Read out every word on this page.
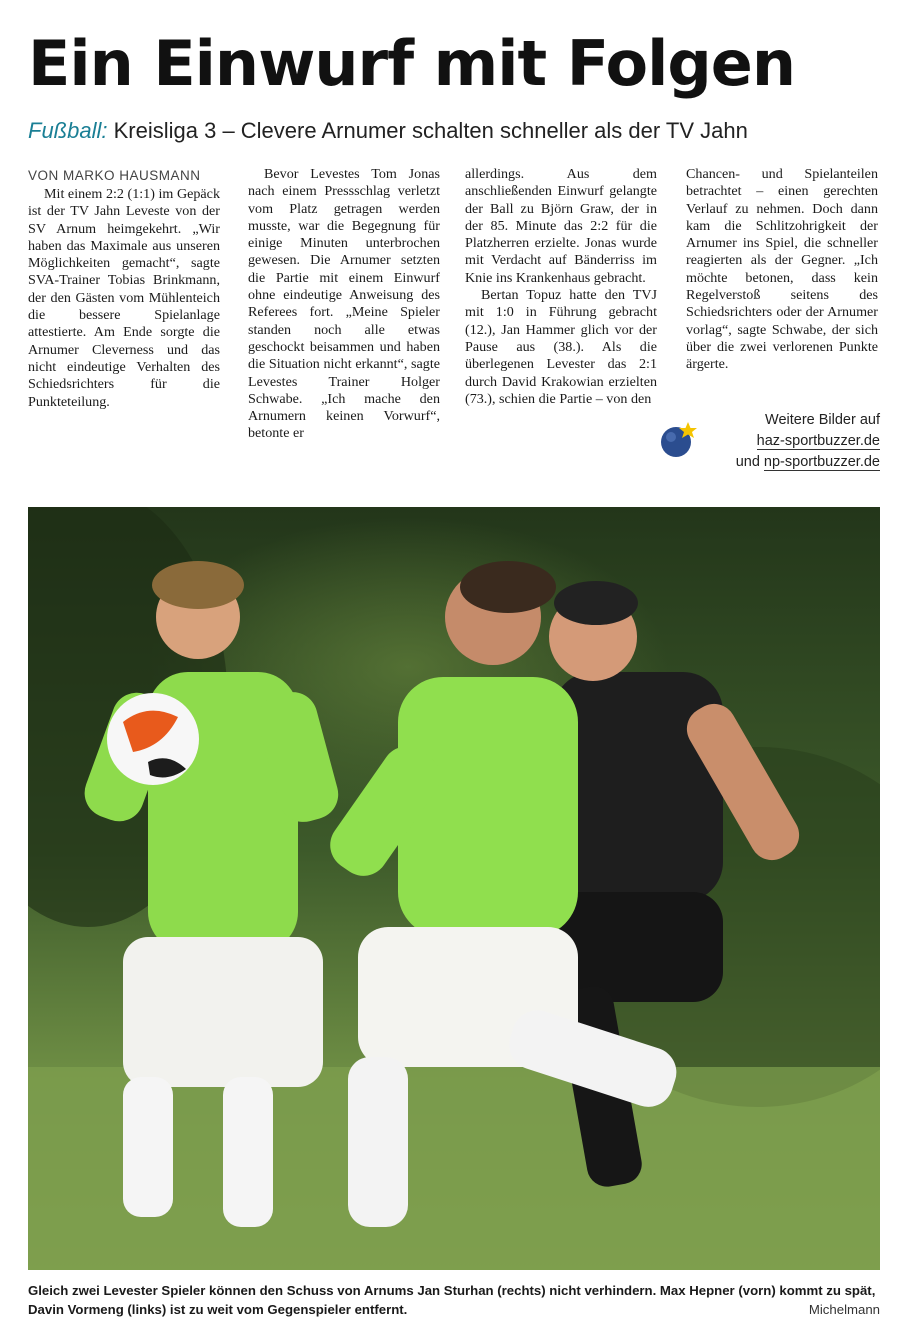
Ein Einwurf mit Folgen
Fußball: Kreisliga 3 – Clevere Arnumer schalten schneller als der TV Jahn

VON MARKO HAUSMANN

Mit einem 2:2 (1:1) im Gepäck ist der TV Jahn Leveste von der SV Arnum heimgekehrt. „Wir haben das Maximale aus unseren Möglichkeiten gemacht“, sagte SVA-Trainer Tobias Brinkmann, der den Gästen vom Mühlenteich die bessere Spielanlage attestierte. Am Ende sorgte die Arnumer Cleverness und das nicht eindeutige Verhalten des Schiedsrichters für die Punkteteilung.

Bevor Levestes Tom Jonas nach einem Pressschlag verletzt vom Platz getragen werden musste, war die Begegnung für einige Minuten unterbrochen gewesen. Die Arnumer setzten die Partie mit einem Einwurf ohne eindeutige Anweisung des Referees fort. „Meine Spieler standen noch alle etwas geschockt beisammen und haben die Situation nicht erkannt“, sagte Levestes Trainer Holger Schwabe. „Ich mache den Arnumern keinen Vorwurf“, betonte er

allerdings. Aus dem anschließenden Einwurf gelangte der Ball zu Björn Graw, der in der 85. Minute das 2:2 für die Platzherren erzielte. Jonas wurde mit Verdacht auf Bänderriss im Knie ins Krankenhaus gebracht.

Bertan Topuz hatte den TVJ mit 1:0 in Führung gebracht (12.), Jan Hammer glich vor der Pause aus (38.). Als die überlegenen Levester das 2:1 durch David Krakowian erzielten (73.), schien die Partie – von den

Chancen- und Spielanteilen betrachtet – einen gerechten Verlauf zu nehmen. Doch dann kam die Schlitzohrigkeit der Arnumer ins Spiel, die schneller reagierten als der Gegner. „Ich möchte betonen, dass kein Regelverstoß seitens des Schiedsrichters oder der Arnumer vorlag“, sagte Schwabe, der sich über die zwei verlorenen Punkte ärgerte.

Weitere Bilder auf
haz-sportbuzzer.de
und np-sportbuzzer.de
Gleich zwei Levester Spieler können den Schuss von Arnums Jan Sturhan (rechts) nicht verhindern. Max Hepner (vorn) kommt zu spät, Davin Vormeng (links) ist zu weit vom Gegenspieler entfernt.	Michelmann
